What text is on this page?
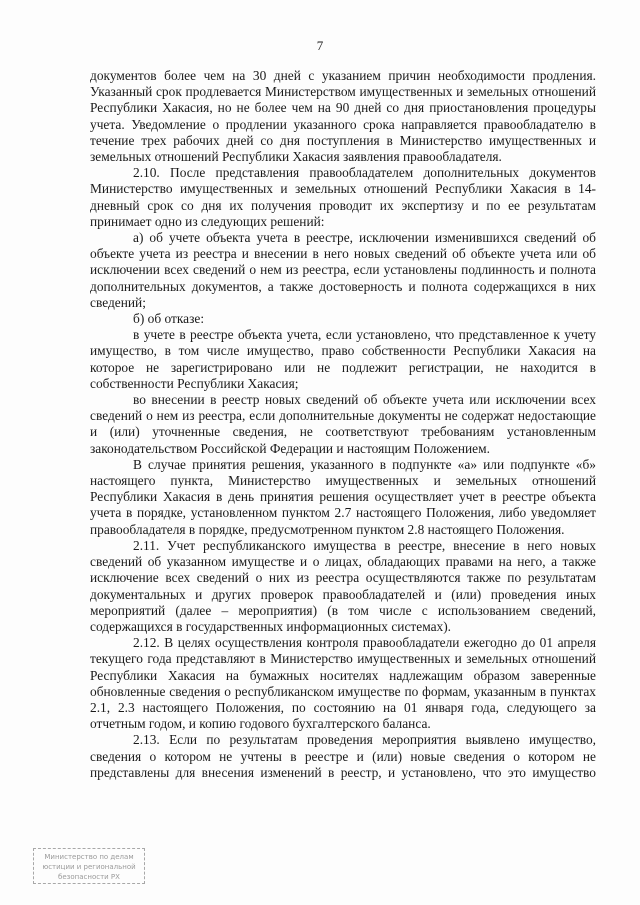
7

документов более чем на 30 дней с указанием причин необходимости продления. Указанный срок продлевается Министерством имущественных и земельных отношений Республики Хакасия, но не более чем на 90 дней со дня приостановления процедуры учета. Уведомление о продлении указанного срока направляется правообладателю в течение трех рабочих дней со дня поступления в Министерство имущественных и земельных отношений Республики Хакасия заявления правообладателя.

2.10. После представления правообладателем дополнительных документов Министерство имущественных и земельных отношений Республики Хакасия в 14-дневный срок со дня их получения проводит их экспертизу и по ее результатам принимает одно из следующих решений:

а) об учете объекта учета в реестре, исключении изменившихся сведений об объекте учета из реестра и внесении в него новых сведений об объекте учета или об исключении всех сведений о нем из реестра, если установлены подлинность и полнота дополнительных документов, а также достоверность и полнота содержащихся в них сведений;

б) об отказе:

в учете в реестре объекта учета, если установлено, что представленное к учету имущество, в том числе имущество, право собственности Республики Хакасия на которое не зарегистрировано или не подлежит регистрации, не находится в собственности Республики Хакасия;

во внесении в реестр новых сведений об объекте учета или исключении всех сведений о нем из реестра, если дополнительные документы не содержат недостающие и (или) уточненные сведения, не соответствуют требованиям установленным законодательством Российской Федерации и настоящим Положением.

В случае принятия решения, указанного в подпункте «а» или подпункте «б» настоящего пункта, Министерство имущественных и земельных отношений Республики Хакасия в день принятия решения осуществляет учет в реестре объекта учета в порядке, установленном пунктом 2.7 настоящего Положения, либо уведомляет правообладателя в порядке, предусмотренном пунктом 2.8 настоящего Положения.

2.11. Учет республиканского имущества в реестре, внесение в него новых сведений об указанном имуществе и о лицах, обладающих правами на него, а также исключение всех сведений о них из реестра осуществляются также по результатам документальных и других проверок правообладателей и (или) проведения иных мероприятий (далее – мероприятия) (в том числе с использованием сведений, содержащихся в государственных информационных системах).

2.12. В целях осуществления контроля правообладатели ежегодно до 01 апреля текущего года представляют в Министерство имущественных и земельных отношений Республики Хакасия на бумажных носителях надлежащим образом заверенные обновленные сведения о республиканском имуществе по формам, указанным в пунктах 2.1, 2.3 настоящего Положения, по состоянию на 01 января года, следующего за отчетным годом, и копию годового бухгалтерского баланса.

2.13. Если по результатам проведения мероприятия выявлено имущество, сведения о котором не учтены в реестре и (или) новые сведения о котором не представлены для внесения изменений в реестр, и установлено, что это имущество

Министерство по делам
юстиции и региональной
безопасности РХ
